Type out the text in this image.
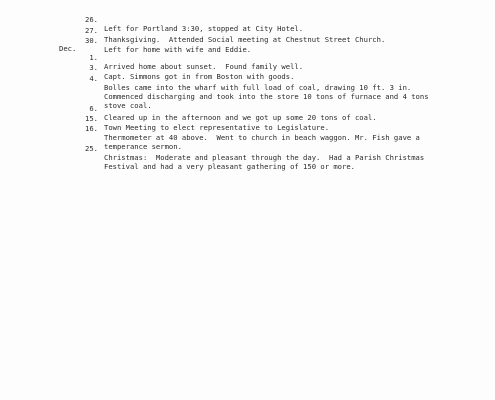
26.

Left for Portland 3:30, stopped at City Hotel.

27.

Thanksgiving.  Attended Social meeting at Chestnut Street Church.

30.

Left for home with wife and Eddie.

Dec.

1.

Arrived home about sunset.  Found family well.

3.

Capt. Simmons got in from Boston with goods.

4.

Bolles came into the wharf with full load of coal, drawing 10 ft. 3 in.

Commenced discharging and took into the store 10 tons of furnace and 4 tons

stove coal.

6.

Cleared up in the afternoon and we got up some 20 tons of coal.

15.

Town Meeting to elect representative to Legislature.

16.

Thermometer at 40 above.  Went to church in beach waggon. Mr. Fish gave a

temperance sermon.

25.

Christmas:  Moderate and pleasant through the day.  Had a Parish Christmas

Festival and had a very pleasant gathering of 150 or more.
